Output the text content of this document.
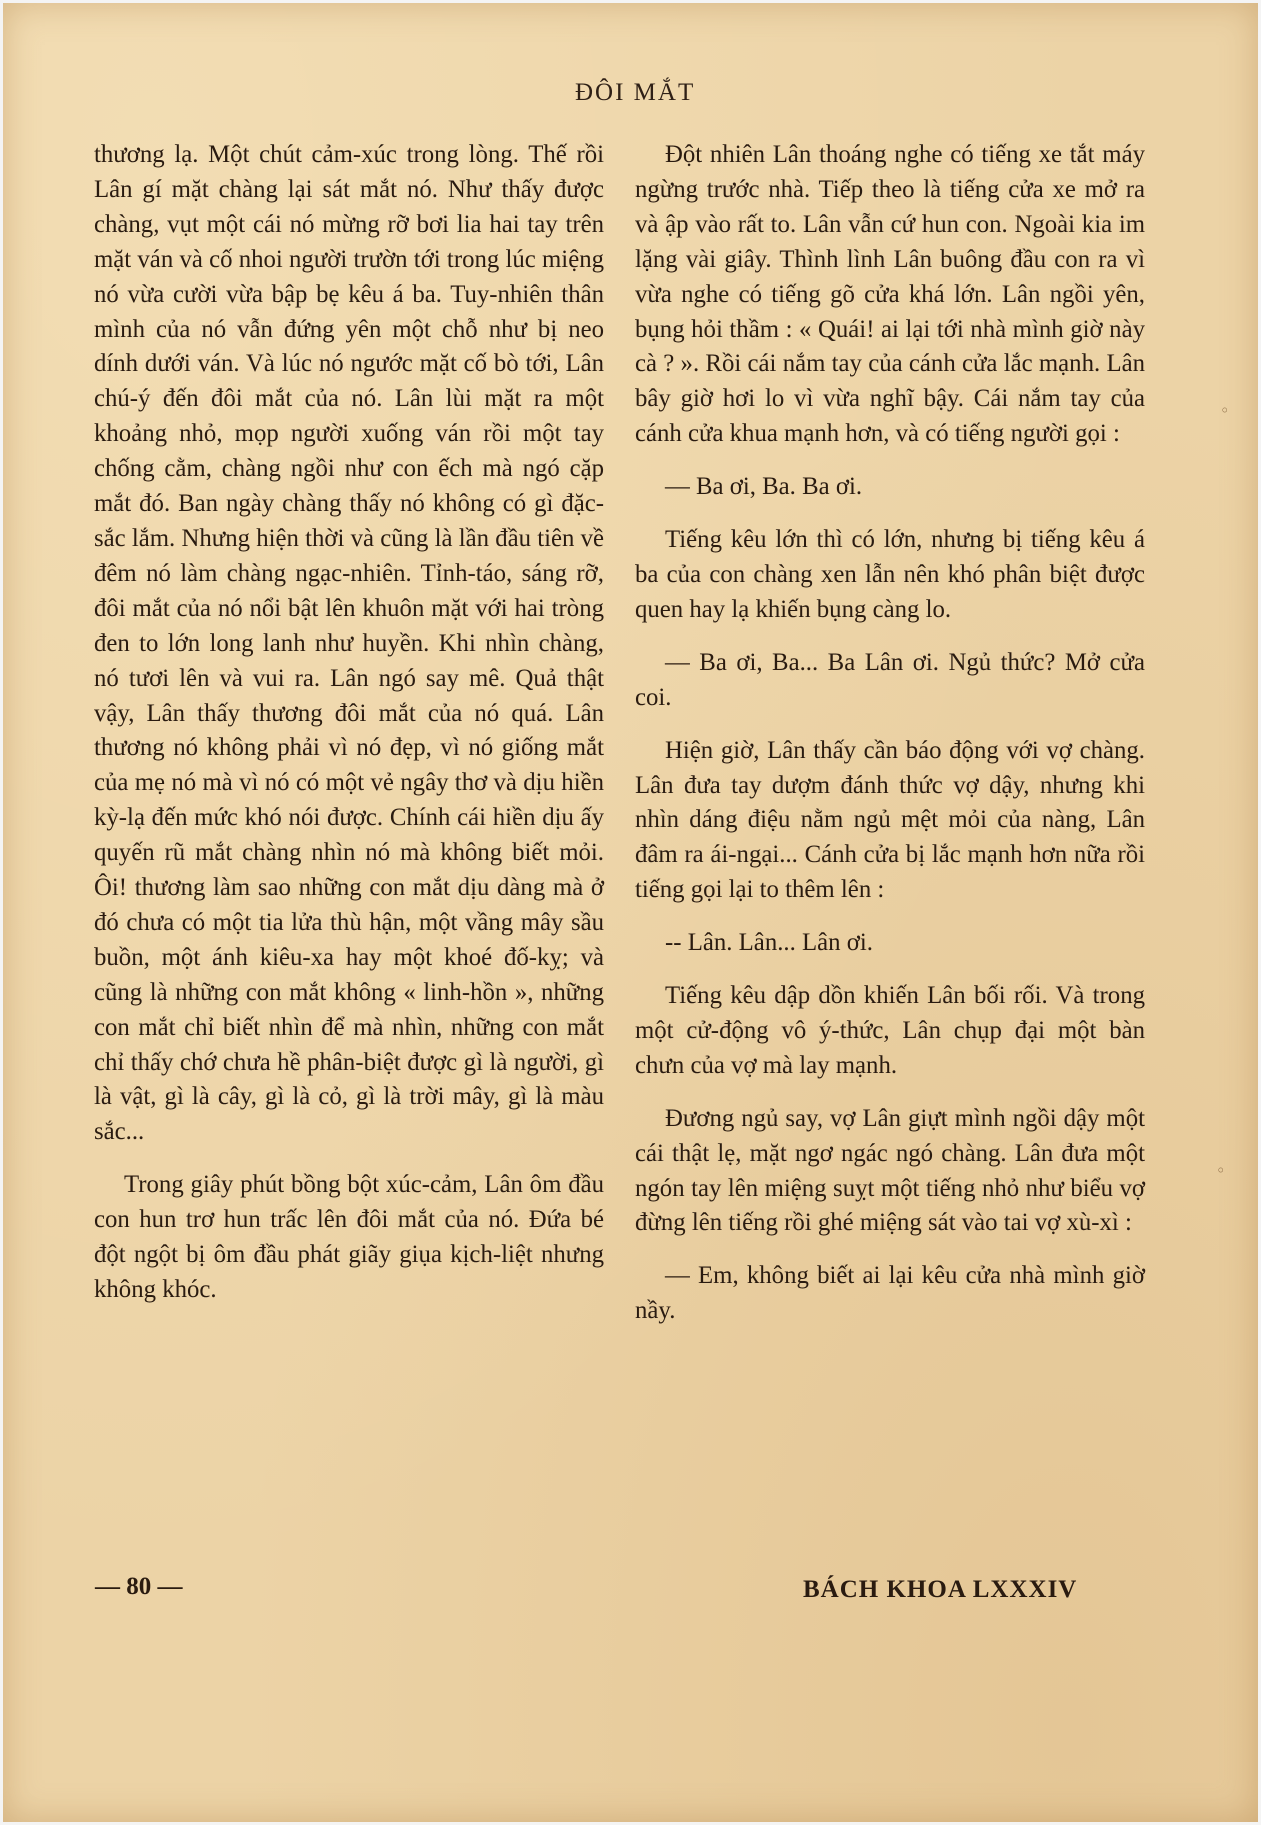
ĐÔI MẮT

thương lạ. Một chút cảm-xúc trong lòng. Thế rồi Lân gí mặt chàng lại sát mắt nó. Như thấy được chàng, vụt một cái nó mừng rỡ bơi lia hai tay trên mặt ván và cố nhoi người trườn tới trong lúc miệng nó vừa cười vừa bập bẹ kêu á ba. Tuy-nhiên thân mình của nó vẫn đứng yên một chỗ như bị neo dính dưới ván. Và lúc nó ngước mặt cố bò tới, Lân chú-ý đến đôi mắt của nó. Lân lùi mặt ra một khoảng nhỏ, mọp người xuống ván rồi một tay chống cằm, chàng ngồi như con ếch mà ngó cặp mắt đó. Ban ngày chàng thấy nó không có gì đặc-sắc lắm. Nhưng hiện thời và cũng là lần đầu tiên về đêm nó làm chàng ngạc-nhiên. Tỉnh-táo, sáng rỡ, đôi mắt của nó nổi bật lên khuôn mặt với hai tròng đen to lớn long lanh như huyền. Khi nhìn chàng, nó tươi lên và vui ra. Lân ngó say mê. Quả thật vậy, Lân thấy thương đôi mắt của nó quá. Lân thương nó không phải vì nó đẹp, vì nó giống mắt của mẹ nó mà vì nó có một vẻ ngây thơ và dịu hiền kỳ-lạ đến mức khó nói được. Chính cái hiền dịu ấy quyến rũ mắt chàng nhìn nó mà không biết mỏi. Ôi! thương làm sao những con mắt dịu dàng mà ở đó chưa có một tia lửa thù hận, một vầng mây sầu buồn, một ánh kiêu-xa hay một khoé đố-kỵ; và cũng là những con mắt không « linh-hồn », những con mắt chỉ biết nhìn để mà nhìn, những con mắt chỉ thấy chớ chưa hề phân-biệt được gì là người, gì là vật, gì là cây, gì là cỏ, gì là trời mây, gì là màu sắc...

Trong giây phút bồng bột xúc-cảm, Lân ôm đầu con hun trơ hun trấc lên đôi mắt của nó. Đứa bé đột ngột bị ôm đầu phát giãy giụa kịch-liệt nhưng không khóc.

Đột nhiên Lân thoáng nghe có tiếng xe tắt máy ngừng trước nhà. Tiếp theo là tiếng cửa xe mở ra và ập vào rất to. Lân vẫn cứ hun con. Ngoài kia im lặng vài giây. Thình lình Lân buông đầu con ra vì vừa nghe có tiếng gõ cửa khá lớn. Lân ngồi yên, bụng hỏi thầm : « Quái! ai lại tới nhà mình giờ này cà ? ». Rồi cái nắm tay của cánh cửa lắc mạnh. Lân bây giờ hơi lo vì vừa nghĩ bậy. Cái nắm tay của cánh cửa khua mạnh hơn, và có tiếng người gọi :

— Ba ơi, Ba. Ba ơi.

Tiếng kêu lớn thì có lớn, nhưng bị tiếng kêu á ba của con chàng xen lẫn nên khó phân biệt được quen hay lạ khiến bụng càng lo.

— Ba ơi, Ba... Ba Lân ơi. Ngủ thức? Mở cửa coi.

Hiện giờ, Lân thấy cần báo động với vợ chàng. Lân đưa tay dượm đánh thức vợ dậy, nhưng khi nhìn dáng điệu nằm ngủ mệt mỏi của nàng, Lân đâm ra ái-ngại... Cánh cửa bị lắc mạnh hơn nữa rồi tiếng gọi lại to thêm lên :

-- Lân. Lân... Lân ơi.

Tiếng kêu dập dồn khiến Lân bối rối. Và trong một cử-động vô ý-thức, Lân chụp đại một bàn chưn của vợ mà lay mạnh.

Đương ngủ say, vợ Lân giựt mình ngồi dậy một cái thật lẹ, mặt ngơ ngác ngó chàng. Lân đưa một ngón tay lên miệng suỵt một tiếng nhỏ như biểu vợ đừng lên tiếng rồi ghé miệng sát vào tai vợ xù-xì :

— Em, không biết ai lại kêu cửa nhà mình giờ nầy.

— 80 —	BÁCH KHOA LXXXIV
◦
◦
